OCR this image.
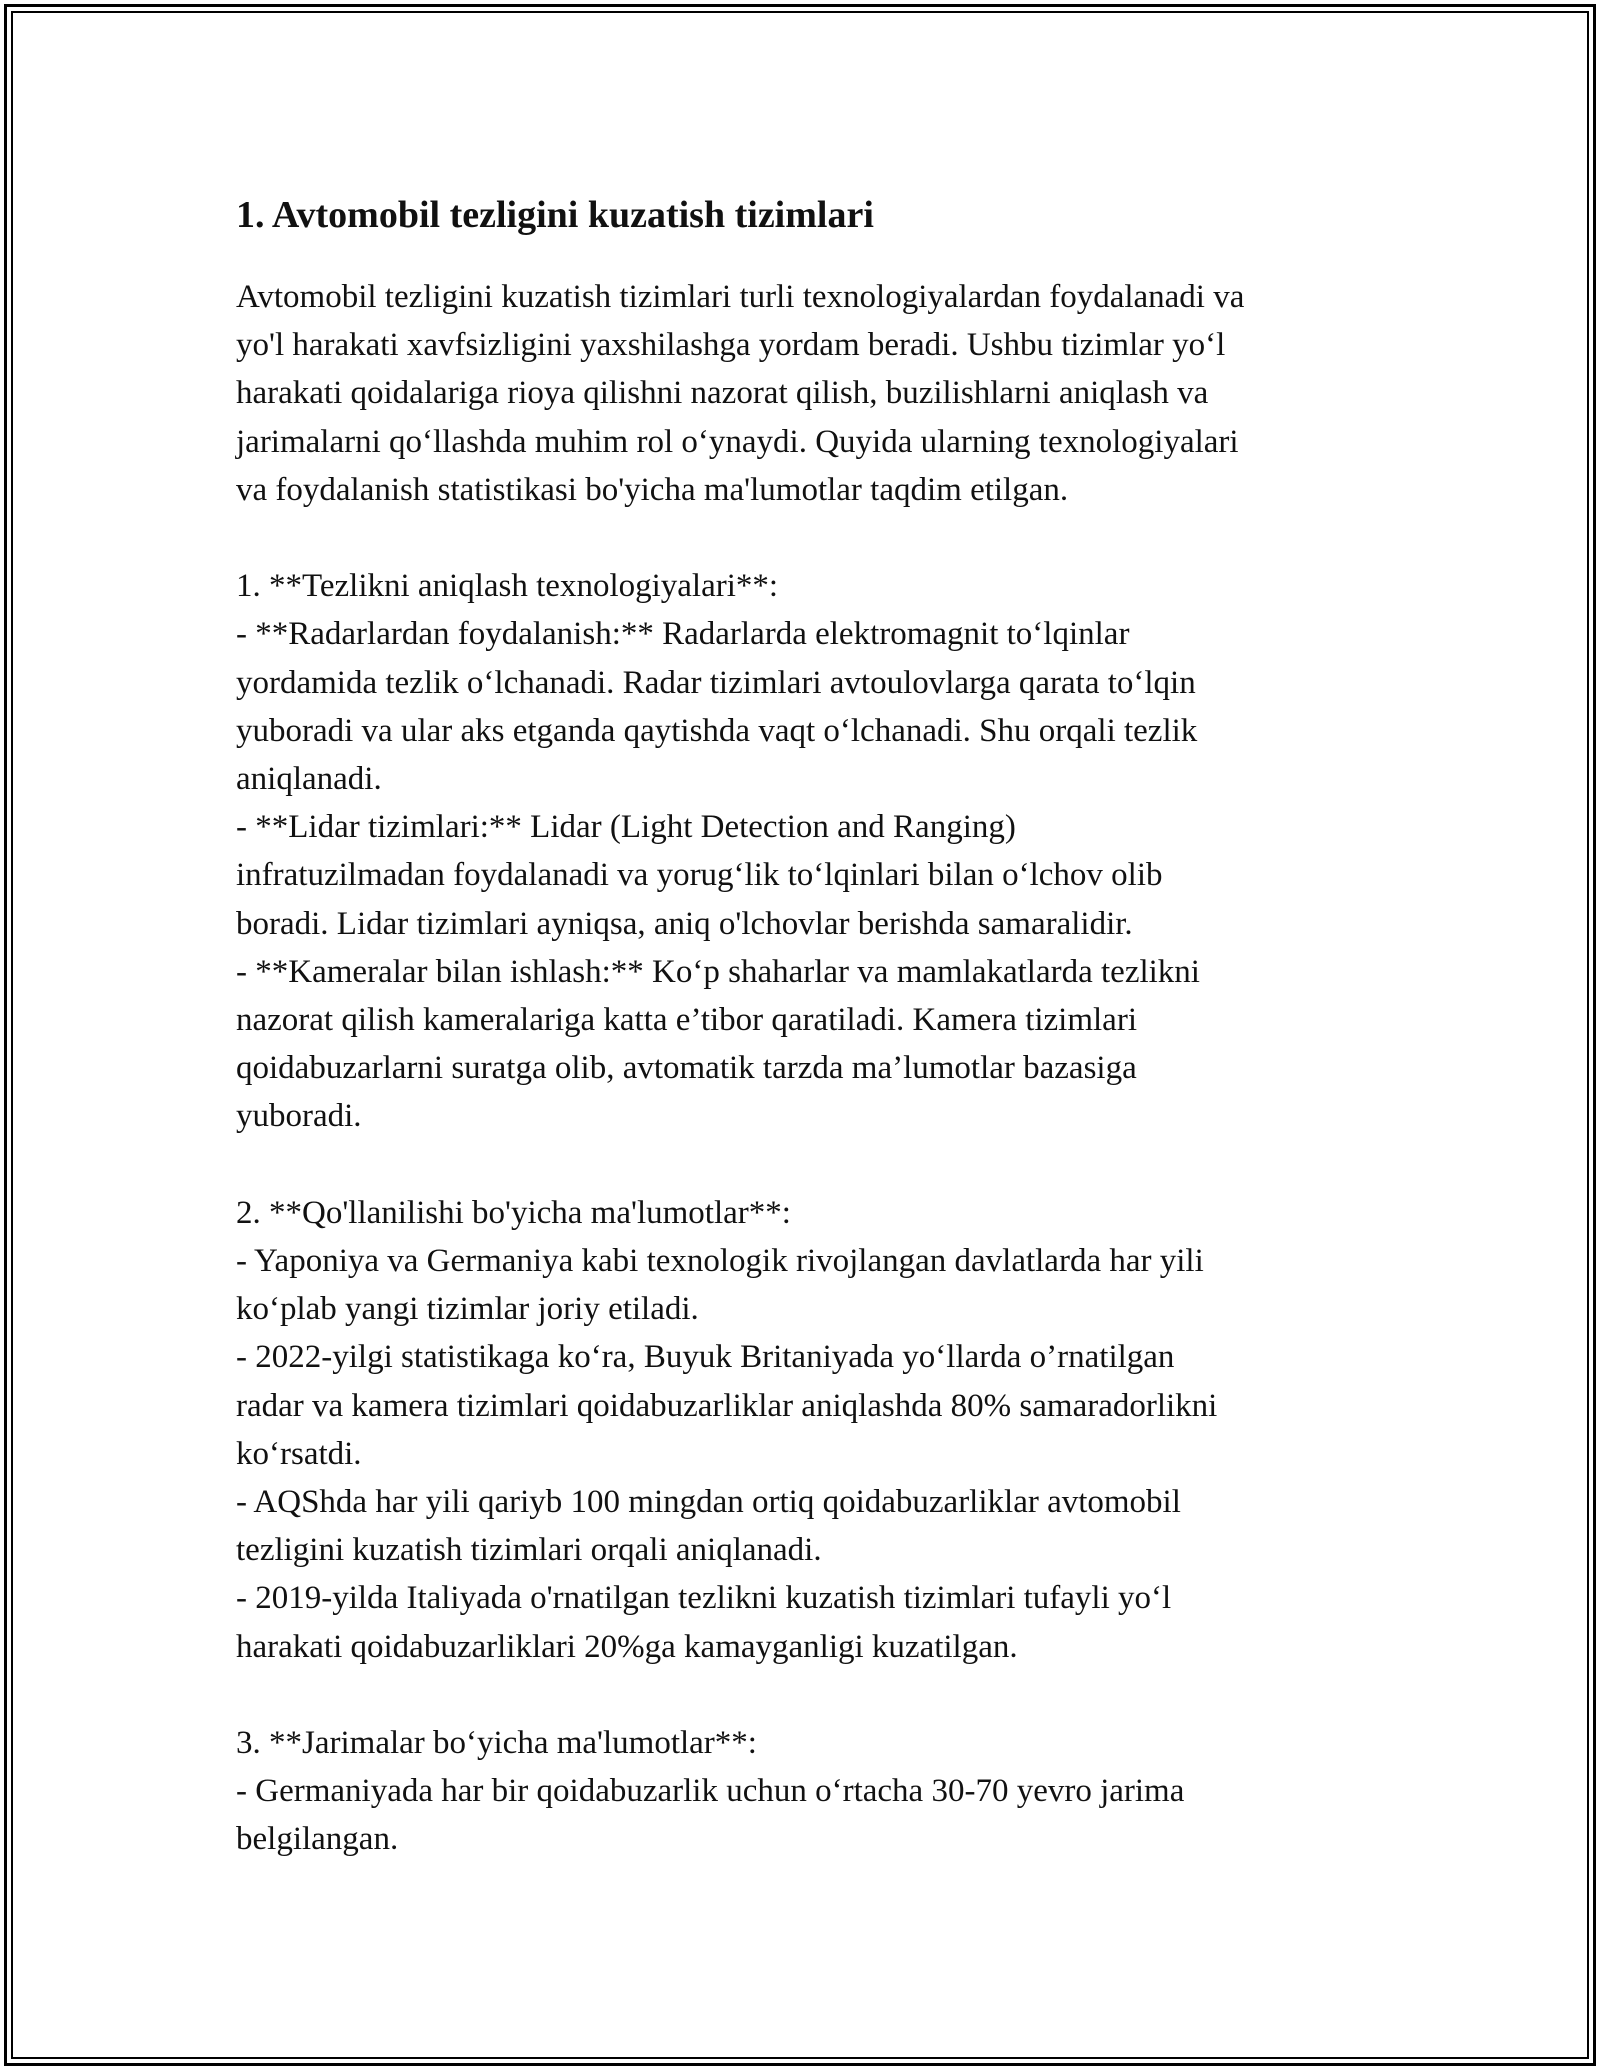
1. Avtomobil tezligini kuzatish tizimlari

Avtomobil tezligini kuzatish tizimlari turli texnologiyalardan foydalanadi va
yo'l harakati xavfsizligini yaxshilashga yordam beradi. Ushbu tizimlar yo‘l
harakati qoidalariga rioya qilishni nazorat qilish, buzilishlarni aniqlash va
jarimalarni qo‘llashda muhim rol o‘ynaydi. Quyida ularning texnologiyalari
va foydalanish statistikasi bo'yicha ma'lumotlar taqdim etilgan.

1. **Tezlikni aniqlash texnologiyalari**:
- **Radarlardan foydalanish:** Radarlarda elektromagnit to‘lqinlar
yordamida tezlik o‘lchanadi. Radar tizimlari avtoulovlarga qarata to‘lqin
yuboradi va ular aks etganda qaytishda vaqt o‘lchanadi. Shu orqali tezlik
aniqlanadi.
- **Lidar tizimlari:** Lidar (Light Detection and Ranging)
infratuzilmadan foydalanadi va yorug‘lik to‘lqinlari bilan o‘lchov olib
boradi. Lidar tizimlari ayniqsa, aniq o'lchovlar berishda samaralidir.
- **Kameralar bilan ishlash:** Ko‘p shaharlar va mamlakatlarda tezlikni
nazorat qilish kameralariga katta e’tibor qaratiladi. Kamera tizimlari
qoidabuzarlarni suratga olib, avtomatik tarzda ma’lumotlar bazasiga
yuboradi.

2. **Qo'llanilishi bo'yicha ma'lumotlar**:
- Yaponiya va Germaniya kabi texnologik rivojlangan davlatlarda har yili
ko‘plab yangi tizimlar joriy etiladi.
- 2022-yilgi statistikaga ko‘ra, Buyuk Britaniyada yo‘llarda o’rnatilgan
radar va kamera tizimlari qoidabuzarliklar aniqlashda 80% samaradorlikni
ko‘rsatdi.
- AQShda har yili qariyb 100 mingdan ortiq qoidabuzarliklar avtomobil
tezligini kuzatish tizimlari orqali aniqlanadi.
- 2019-yilda Italiyada o'rnatilgan tezlikni kuzatish tizimlari tufayli yo‘l
harakati qoidabuzarliklari 20%ga kamayganligi kuzatilgan.

3. **Jarimalar bo‘yicha ma'lumotlar**:
- Germaniyada har bir qoidabuzarlik uchun o‘rtacha 30-70 yevro jarima
belgilangan.
